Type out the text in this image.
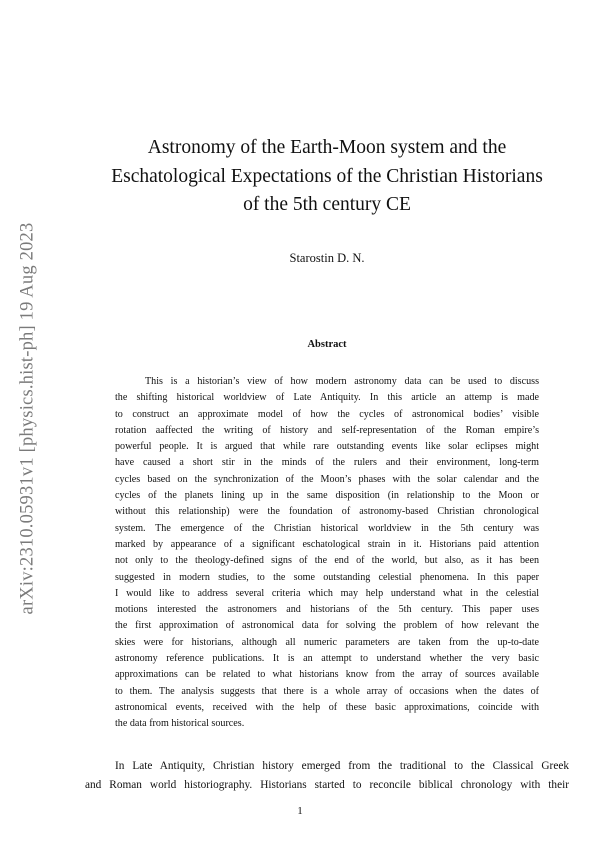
arXiv:2310.05931v1 [physics.hist-ph] 19 Aug 2023
Astronomy of the Earth-Moon system and the
Eschatological Expectations of the Christian Historians
of the 5th century CE
Starostin D. N.
Abstract
This is a historian’s view of how modern astronomy data can be used to discuss
the shifting historical worldview of Late Antiquity. In this article an attemp is made
to construct an approximate model of how the cycles of astronomical bodies’ visible
rotation aaffected the writing of history and self-representation of the Roman empire’s
powerful people. It is argued that while rare outstanding events like solar eclipses might
have caused a short stir in the minds of the rulers and their environment, long-term
cycles based on the synchronization of the Moon’s phases with the solar calendar and the
cycles of the planets lining up in the same disposition (in relationship to the Moon or
without this relationship) were the foundation of astronomy-based Christian chronological
system. The emergence of the Christian historical worldview in the 5th century was
marked by appearance of a significant eschatological strain in it. Historians paid attention
not only to the theology-defined signs of the end of the world, but also, as it has been
suggested in modern studies, to the some outstanding celestial phenomena. In this paper
I would like to address several criteria which may help understand what in the celestial
motions interested the astronomers and historians of the 5th century. This paper uses
the first approximation of astronomical data for solving the problem of how relevant the
skies were for historians, although all numeric parameters are taken from the up-to-date
astronomy reference publications. It is an attempt to understand whether the very basic
approximations can be related to what historians know from the array of sources available
to them. The analysis suggests that there is a whole array of occasions when the dates of
astronomical events, received with the help of these basic approximations, coincide with
the data from historical sources.
In Late Antiquity, Christian history emerged from the traditional to the Classical Greek
and Roman world historiography. Historians started to reconcile biblical chronology with their
1
